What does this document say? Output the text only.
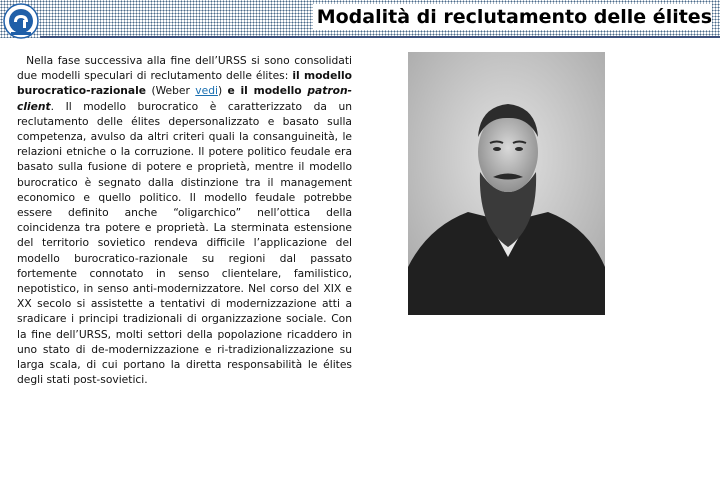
Modalità di reclutamento delle élites

Nella fase successiva alla fine dell’URSS si sono consolidati due modelli speculari di reclutamento delle élites: il modello burocratico-razionale (Weber vedi) e il modello patron-client. Il modello burocratico è caratterizzato da un reclutamento delle élites depersonalizzato e basato sulla competenza, avulso da altri criteri quali la consanguineità, le relazioni etniche o la corruzione. Il potere politico feudale era basato sulla fusione di potere e proprietà, mentre il modello burocratico è segnato dalla distinzione tra il management economico e quello politico. Il modello feudale potrebbe essere definito anche “oligarchico” nell’ottica della coincidenza tra potere e proprietà. La sterminata estensione del territorio sovietico rendeva difficile l’applicazione del modello burocratico-razionale su regioni dal passato fortemente connotato in senso clientelare, familistico, nepotistico, in senso anti-modernizzatore. Nel corso del XIX e XX secolo si assistette a tentativi di modernizzazione atti a sradicare i principi tradizionali di organizzazione sociale. Con la fine dell’URSS, molti settori della popolazione ricaddero in uno stato di de-modernizzazione e ri-tradizionalizzazione su larga scala, di cui portano la diretta responsabilità le élites degli stati post-sovietici.
